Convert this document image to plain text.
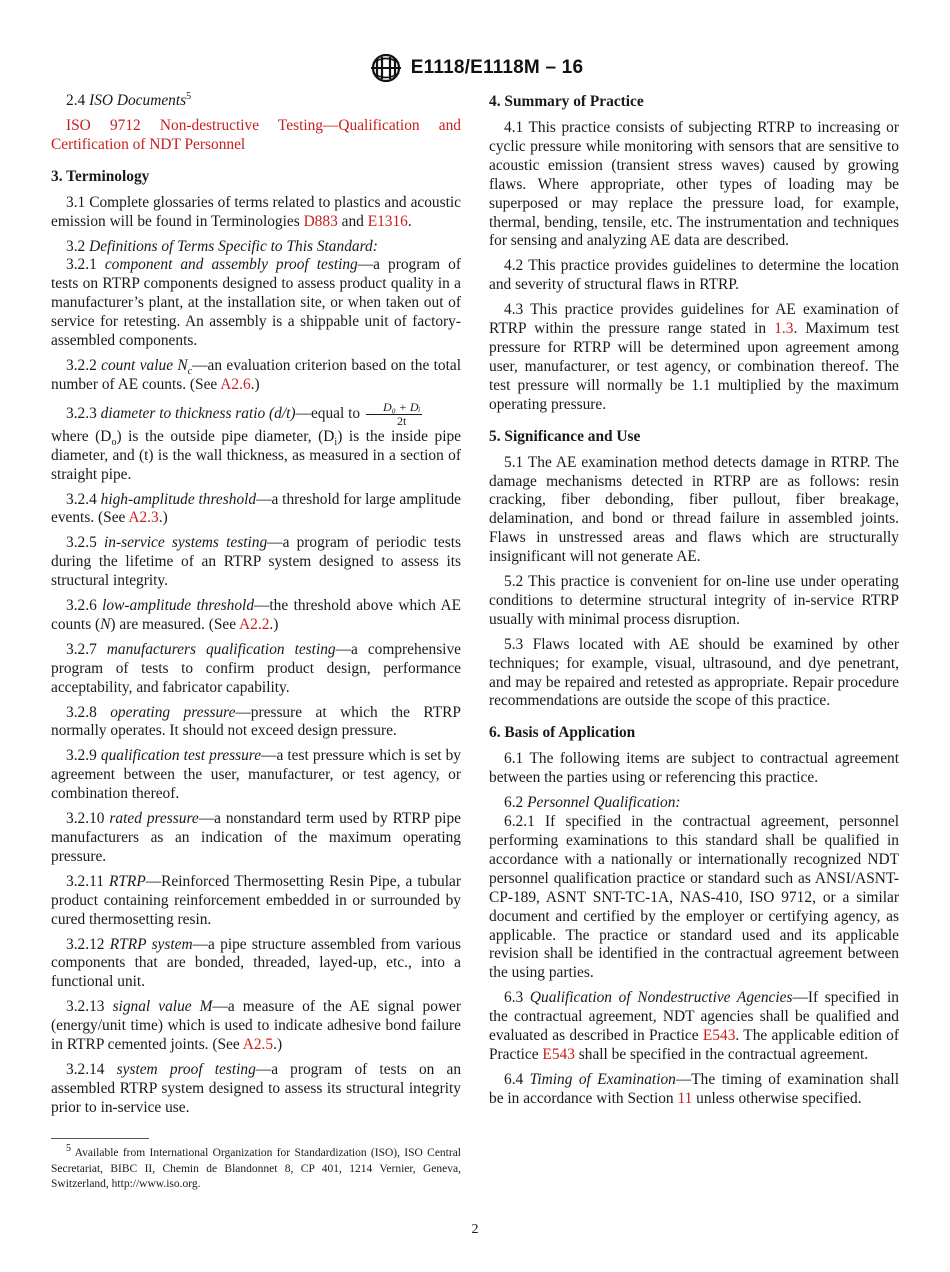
E1118/E1118M – 16

2.4 ISO Documents$^5$

ISO 9712 Non-destructive Testing—Qualification and Certification of NDT Personnel

3. Terminology

3.1 Complete glossaries of terms related to plastics and acoustic emission will be found in Terminologies D883 and E1316.

3.2 Definitions of Terms Specific to This Standard:

3.2.1 component and assembly proof testing—a program of tests on RTRP components designed to assess product quality in a manufacturer’s plant, at the installation site, or when taken out of service for retesting. An assembly is a shippable unit of factory-assembled components.

3.2.2 count value $N_c—an$ evaluation criterion based on the total number of AE counts. (See A2.6.)

3.2.3 diameter to thickness ratio (d/t)—equal to $\frac{\text{D₀ + Dᵢ}}{2t}$

where $(D_o)$ is the outside pipe diameter, $(D_i)$ is the inside pipe diameter, and (t) is the wall thickness, as measured in a section of straight pipe.

3.2.4 high-amplitude threshold—a threshold for large amplitude events. (See A2.3.)

3.2.5 in-service systems testing—a program of periodic tests during the lifetime of an RTRP system designed to assess its structural integrity.

3.2.6 low-amplitude threshold—the threshold above which AE counts (N) are measured. (See A2.2.)

3.2.7 manufacturers qualification testing—a comprehensive program of tests to confirm product design, performance acceptability, and fabricator capability.

3.2.8 operating pressure—pressure at which the RTRP normally operates. It should not exceed design pressure.

3.2.9 qualification test pressure—a test pressure which is set by agreement between the user, manufacturer, or test agency, or combination thereof.

3.2.10 rated pressure—a nonstandard term used by RTRP pipe manufacturers as an indication of the maximum operating pressure.

3.2.11 RTRP—Reinforced Thermosetting Resin Pipe, a tubular product containing reinforcement embedded in or surrounded by cured thermosetting resin.

3.2.12 RTRP system—a pipe structure assembled from various components that are bonded, threaded, layed-up, etc., into a functional unit.

3.2.13 signal value M—a measure of the AE signal power (energy/unit time) which is used to indicate adhesive bond failure in RTRP cemented joints. (See A2.5.)

3.2.14 system proof testing—a program of tests on an assembled RTRP system designed to assess its structural integrity prior to in-service use.

4. Summary of Practice

4.1 This practice consists of subjecting RTRP to increasing or cyclic pressure while monitoring with sensors that are sensitive to acoustic emission (transient stress waves) caused by growing flaws. Where appropriate, other types of loading may be superposed or may replace the pressure load, for example, thermal, bending, tensile, etc. The instrumentation and techniques for sensing and analyzing AE data are described.

4.2 This practice provides guidelines to determine the location and severity of structural flaws in RTRP.

4.3 This practice provides guidelines for AE examination of RTRP within the pressure range stated in 1.3. Maximum test pressure for RTRP will be determined upon agreement among user, manufacturer, or test agency, or combination thereof. The test pressure will normally be 1.1 multiplied by the maximum operating pressure.

5. Significance and Use

5.1 The AE examination method detects damage in RTRP. The damage mechanisms detected in RTRP are as follows: resin cracking, fiber debonding, fiber pullout, fiber breakage, delamination, and bond or thread failure in assembled joints. Flaws in unstressed areas and flaws which are structurally insignificant will not generate AE.

5.2 This practice is convenient for on-line use under operating conditions to determine structural integrity of in-service RTRP usually with minimal process disruption.

5.3 Flaws located with AE should be examined by other techniques; for example, visual, ultrasound, and dye penetrant, and may be repaired and retested as appropriate. Repair procedure recommendations are outside the scope of this practice.

6. Basis of Application

6.1 The following items are subject to contractual agreement between the parties using or referencing this practice.

6.2 Personnel Qualification:

6.2.1 If specified in the contractual agreement, personnel performing examinations to this standard shall be qualified in accordance with a nationally or internationally recognized NDT personnel qualification practice or standard such as ANSI/ASNT-CP-189, ASNT SNT-TC-1A, NAS-410, ISO 9712, or a similar document and certified by the employer or certifying agency, as applicable. The practice or standard used and its applicable revision shall be identified in the contractual agreement between the using parties.

6.3 Qualification of Nondestructive Agencies—If specified in the contractual agreement, NDT agencies shall be qualified and evaluated as described in Practice E543. The applicable edition of Practice E543 shall be specified in the contractual agreement.

6.4 Timing of Examination—The timing of examination shall be in accordance with Section 11 unless otherwise specified.

$^5$ Available from International Organization for Standardization (ISO), ISO Central Secretariat, BIBC II, Chemin de Blandonnet 8, CP 401, 1214 Vernier, Geneva, Switzerland, http://www.iso.org.
2
